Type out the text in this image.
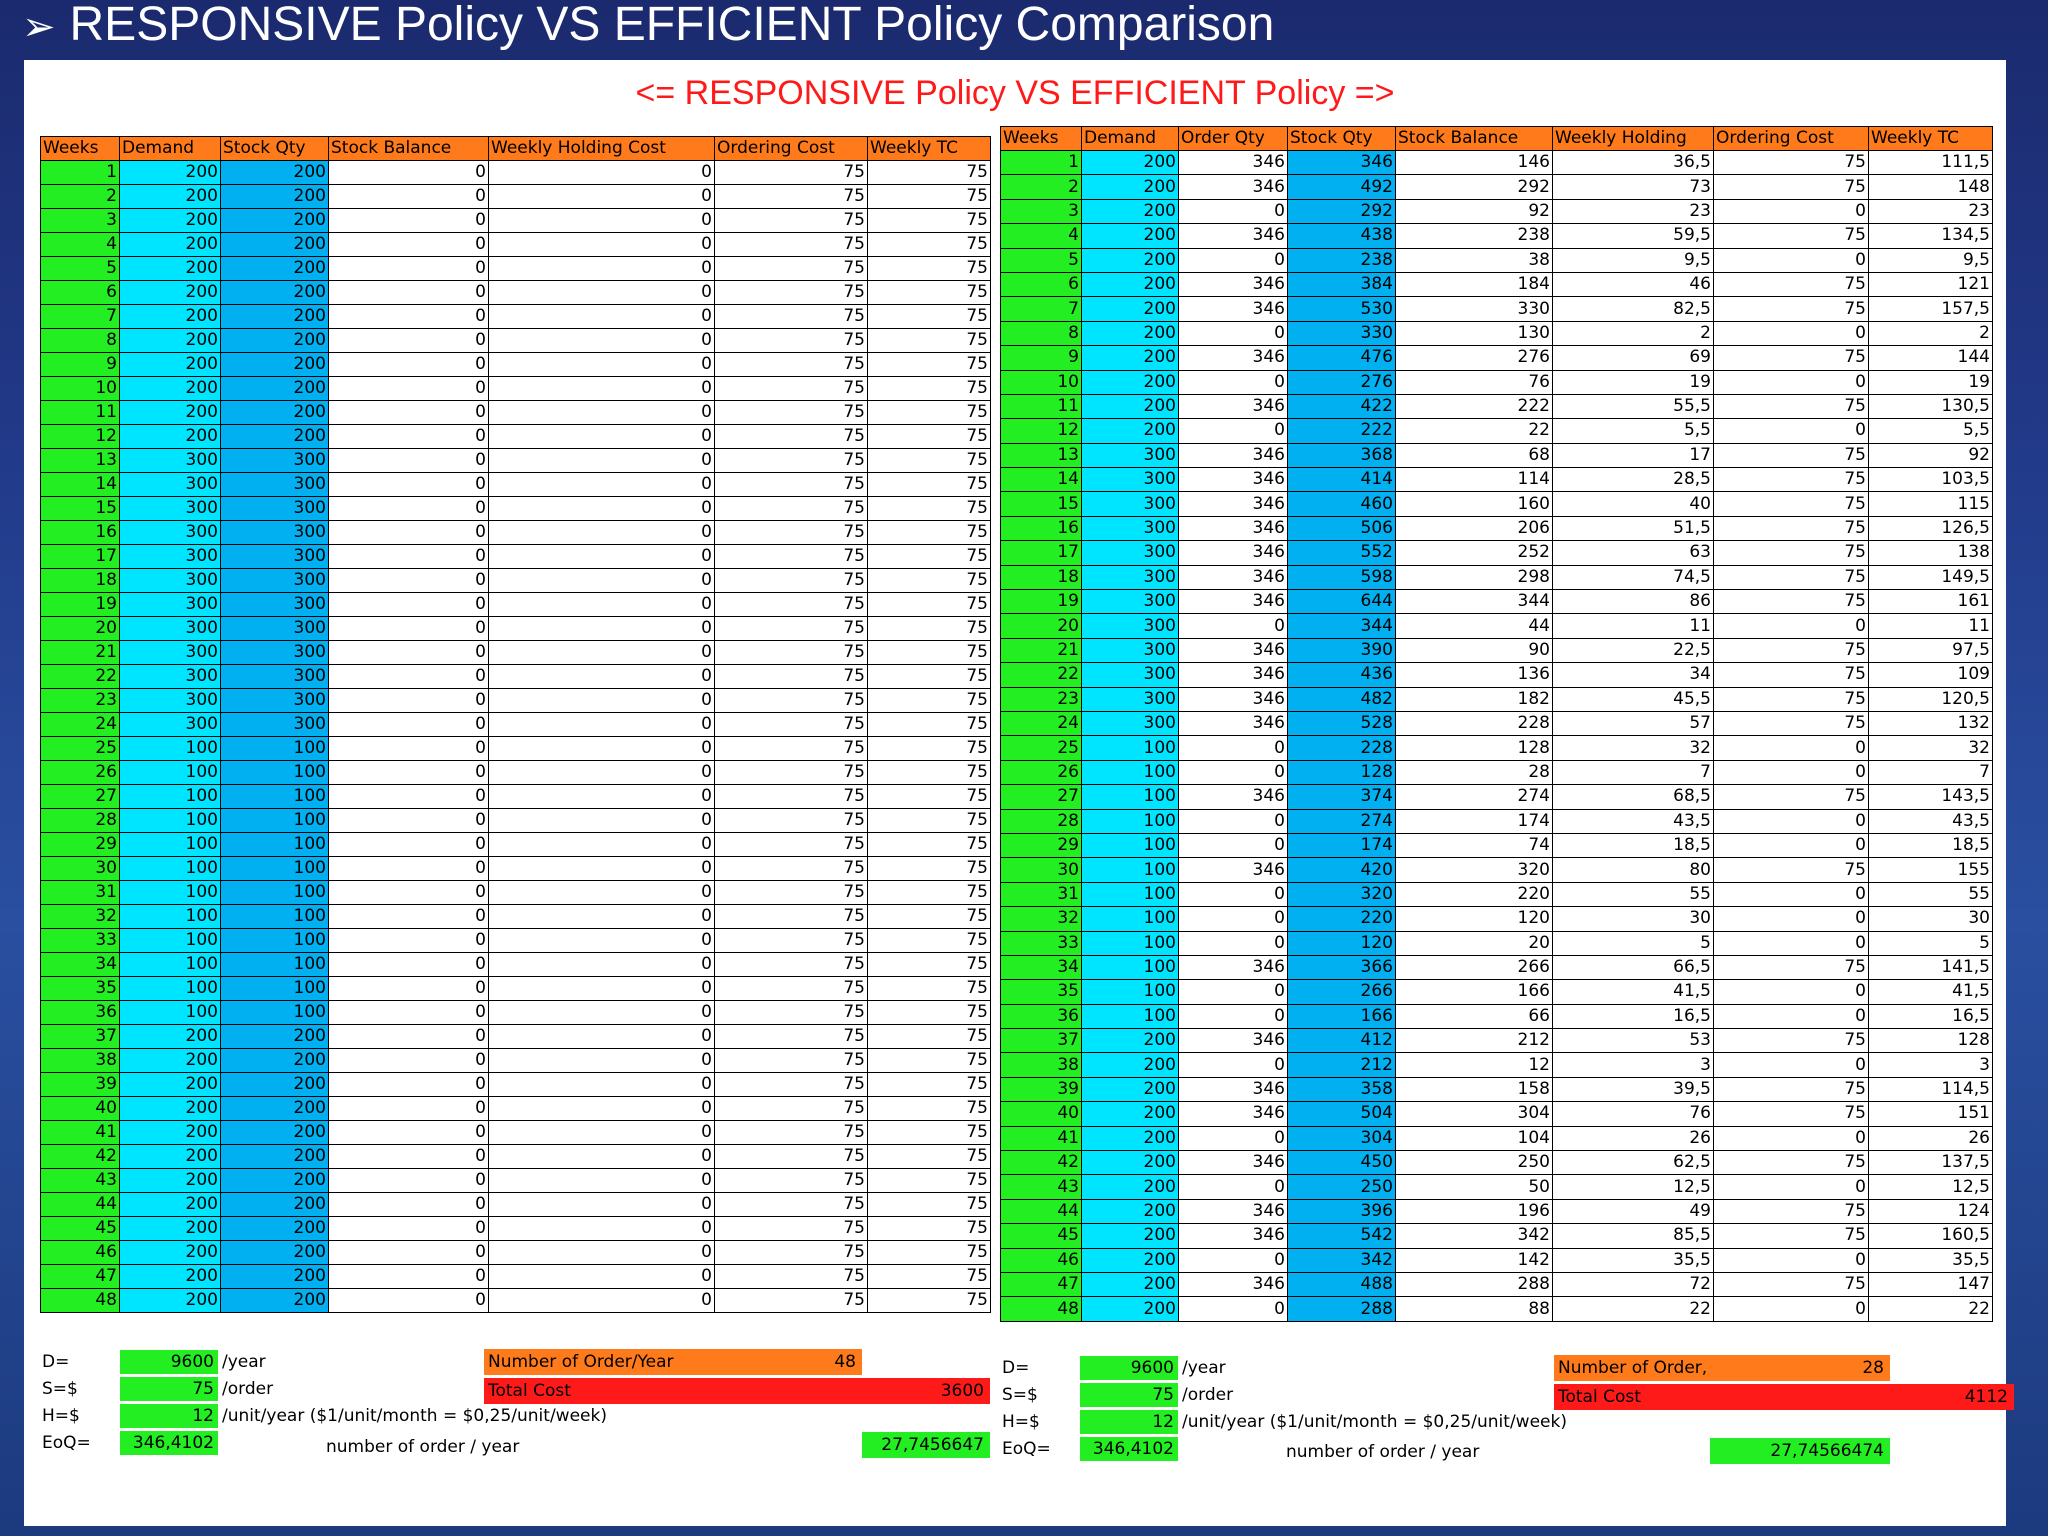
➢ RESPONSIVE Policy VS EFFICIENT Policy Comparison
<= RESPONSIVE Policy VS EFFICIENT Policy =>
Weeks	Demand	Stock Qty	Stock Balance	Weekly Holding Cost	Ordering Cost	Weekly TC
1	200	200	0	0	75	75
2	200	200	0	0	75	75
3	200	200	0	0	75	75
4	200	200	0	0	75	75
5	200	200	0	0	75	75
6	200	200	0	0	75	75
7	200	200	0	0	75	75
8	200	200	0	0	75	75
9	200	200	0	0	75	75
10	200	200	0	0	75	75
11	200	200	0	0	75	75
12	200	200	0	0	75	75
13	300	300	0	0	75	75
14	300	300	0	0	75	75
15	300	300	0	0	75	75
16	300	300	0	0	75	75
17	300	300	0	0	75	75
18	300	300	0	0	75	75
19	300	300	0	0	75	75
20	300	300	0	0	75	75
21	300	300	0	0	75	75
22	300	300	0	0	75	75
23	300	300	0	0	75	75
24	300	300	0	0	75	75
25	100	100	0	0	75	75
26	100	100	0	0	75	75
27	100	100	0	0	75	75
28	100	100	0	0	75	75
29	100	100	0	0	75	75
30	100	100	0	0	75	75
31	100	100	0	0	75	75
32	100	100	0	0	75	75
33	100	100	0	0	75	75
34	100	100	0	0	75	75
35	100	100	0	0	75	75
36	100	100	0	0	75	75
37	200	200	0	0	75	75
38	200	200	0	0	75	75
39	200	200	0	0	75	75
40	200	200	0	0	75	75
41	200	200	0	0	75	75
42	200	200	0	0	75	75
43	200	200	0	0	75	75
44	200	200	0	0	75	75
45	200	200	0	0	75	75
46	200	200	0	0	75	75
47	200	200	0	0	75	75
48	200	200	0	0	75	75
Weeks	Demand	Order Qty	Stock Qty	Stock Balance	Weekly Holding	Ordering Cost	Weekly TC
1	200	346	346	146	36,5	75	111,5
2	200	346	492	292	73	75	148
3	200	0	292	92	23	0	23
4	200	346	438	238	59,5	75	134,5
5	200	0	238	38	9,5	0	9,5
6	200	346	384	184	46	75	121
7	200	346	530	330	82,5	75	157,5
8	200	0	330	130	2	0	2
9	200	346	476	276	69	75	144
10	200	0	276	76	19	0	19
11	200	346	422	222	55,5	75	130,5
12	200	0	222	22	5,5	0	5,5
13	300	346	368	68	17	75	92
14	300	346	414	114	28,5	75	103,5
15	300	346	460	160	40	75	115
16	300	346	506	206	51,5	75	126,5
17	300	346	552	252	63	75	138
18	300	346	598	298	74,5	75	149,5
19	300	346	644	344	86	75	161
20	300	0	344	44	11	0	11
21	300	346	390	90	22,5	75	97,5
22	300	346	436	136	34	75	109
23	300	346	482	182	45,5	75	120,5
24	300	346	528	228	57	75	132
25	100	0	228	128	32	0	32
26	100	0	128	28	7	0	7
27	100	346	374	274	68,5	75	143,5
28	100	0	274	174	43,5	0	43,5
29	100	0	174	74	18,5	0	18,5
30	100	346	420	320	80	75	155
31	100	0	320	220	55	0	55
32	100	0	220	120	30	0	30
33	100	0	120	20	5	0	5
34	100	346	366	266	66,5	75	141,5
35	100	0	266	166	41,5	0	41,5
36	100	0	166	66	16,5	0	16,5
37	200	346	412	212	53	75	128
38	200	0	212	12	3	0	3
39	200	346	358	158	39,5	75	114,5
40	200	346	504	304	76	75	151
41	200	0	304	104	26	0	26
42	200	346	450	250	62,5	75	137,5
43	200	0	250	50	12,5	0	12,5
44	200	346	396	196	49	75	124
45	200	346	542	342	85,5	75	160,5
46	200	0	342	142	35,5	0	35,5
47	200	346	488	288	72	75	147
48	200	0	288	88	22	0	22
D=	9600 /year
S=$	75 /order
H=$	12 /unit/year ($1/unit/month = $0,25/unit/week)
EoQ=	346,4102
Number of Order/Year	48
Total Cost	3600
number of order / year	27,7456647
D=	9600 /year
S=$	75 /order
H=$	12 /unit/year ($1/unit/month = $0,25/unit/week)
EoQ=	346,4102
Number of Order,	28
Total Cost	4112
number of order / year	27,74566474
